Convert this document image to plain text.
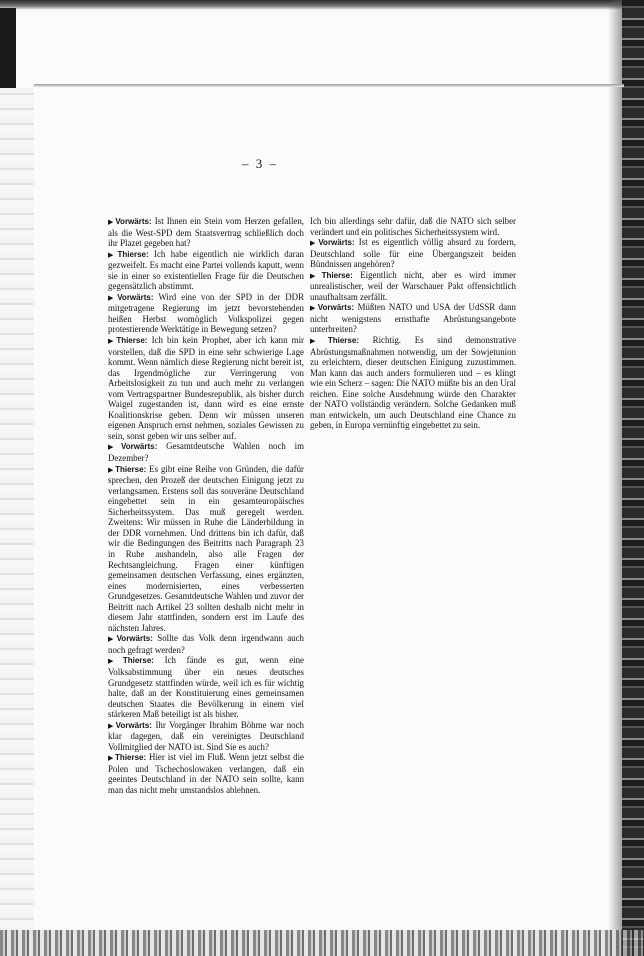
– 3 –

▶Vorwärts: Ist Ihnen ein Stein vom Herzen gefallen, als die West-SPD dem Staatsvertrag schließlich doch ihr Plazet gegeben hat?

▶Thierse: Ich habe eigentlich nie wirklich daran gezweifelt. Es macht eine Partei vollends kaputt, wenn sie in einer so existentiellen Frage für die Deutschen gegensätzlich abstimmt.

▶Vorwärts: Wird eine von der SPD in der DDR mitgetragene Regierung im jetzt bevorstehenden heißen Herbst womöglich Volkspolizei gegen protestierende Werktätige in Bewegung setzen?

▶Thierse: Ich bin kein Prophet, aber ich kann mir vorstellen, daß die SPD in eine sehr schwierige Lage kommt. Wenn nämlich diese Regierung nicht bereit ist, das Irgendmögliche zur Verringerung von Arbeitslosigkeit zu tun und auch mehr zu verlangen vom Vertragspartner Bundesrepublik, als bisher durch Waigel zugestanden ist, dann wird es eine ernste Koalitionskrise geben. Denn wir müssen unseren eigenen Anspruch ernst nehmen, soziales Gewissen zu sein, sonst geben wir uns selber auf.

▶Vorwärts: Gesamtdeutsche Wahlen noch im Dezember?

▶Thierse: Es gibt eine Reihe von Gründen, die dafür sprechen, den Prozeß der deutschen Einigung jetzt zu verlangsamen. Erstens soll das souveräne Deutschland eingebettet sein in ein gesamteuropäisches Sicherheitssystem. Das muß geregelt werden. Zweitens: Wir müssen in Ruhe die Länderbildung in der DDR vornehmen. Und drittens bin ich dafür, daß wir die Bedingungen des Beitritts nach Paragraph 23 in Ruhe aushandeln, also alle Fragen der Rechtsangleichung. Fragen einer künftigen gemeinsamen deutschen Verfassung, eines ergänzten, eines modernisierten, eines verbesserten Grundgesetzes. Gesamtdeutsche Wahlen und zuvor der Beitritt nach Artikel 23 sollten deshalb nicht mehr in diesem Jahr stattfinden, sondern erst im Laufe des nächsten Jahres.

▶Vorwärts: Sollte das Volk denn irgendwann auch noch gefragt werden?

▶Thierse: Ich fände es gut, wenn eine Volksabstimmung über ein neues deutsches Grundgesetz stattfinden würde, weil ich es für wichtig halte, daß an der Konstituierung eines gemeinsamen deutschen Staates die Bevölkerung in einem viel stärkeren Maß beteiligt ist als bisher.

▶Vorwärts: Ihr Vorgänger Ibrahim Böhme war noch klar dagegen, daß ein vereinigtes Deutschland Vollmitglied der NATO ist. Sind Sie es auch?

▶Thierse: Hier ist viel im Fluß. Wenn jetzt selbst die Polen und Tschechoslowaken verlangen, daß ein geeintes Deutschland in der NATO sein sollte, kann man das nicht mehr umstandslos ablehnen.

Ich bin allerdings sehr dafür, daß die NATO sich selber verändert und ein politisches Sicherheitssystem wird.

▶Vorwärts: Ist es eigentlich völlig absurd zu fordern, Deutschland solle für eine Übergangszeit beiden Bündnissen angehören?

▶Thierse: Eigentlich nicht, aber es wird immer unrealistischer, weil der Warschauer Pakt offensichtlich unaufhaltsam zerfällt.

▶Vorwärts: Müßten NATO und USA der UdSSR dann nicht wenigstens ernsthafte Abrüstungsangebote unterbreiten?

▶Thierse: Richtig. Es sind demonstrative Abrüstungsmaßnahmen notwendig, um der Sowjetunion zu erleichtern, dieser deutschen Einigung zuzustimmen. Man kann das auch anders formulieren und – es klingt wie ein Scherz – sagen: Die NATO müßte bis an den Ural reichen. Eine solche Ausdehnung würde den Charakter der NATO vollständig verändern. Solche Gedanken muß man entwickeln, um auch Deutschland eine Chance zu geben, in Europa vernünftig eingebettet zu sein.
